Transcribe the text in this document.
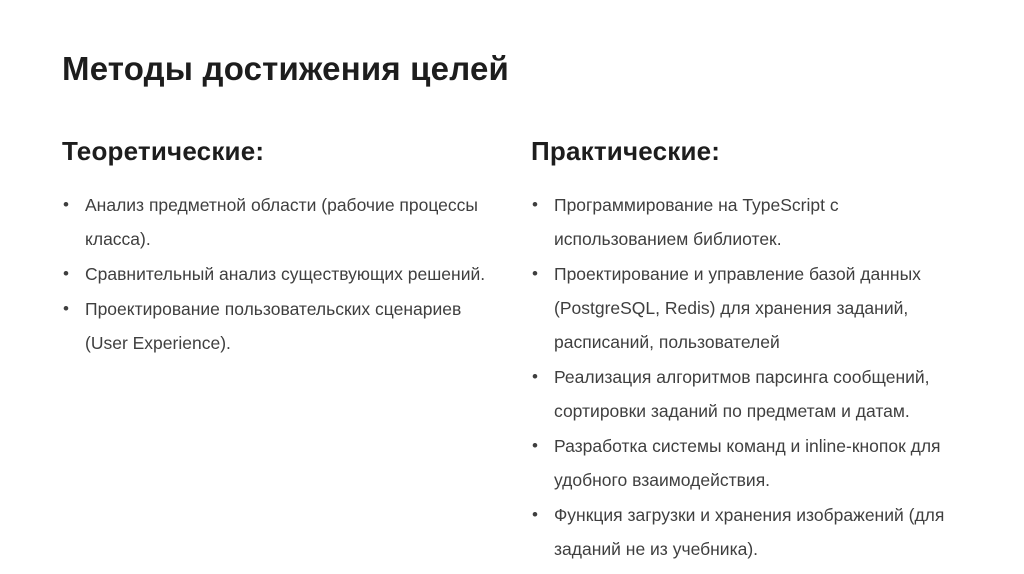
Методы достижения целей
Теоретические:
• Анализ предметной области (рабочие процессы класса).
• Сравнительный анализ существующих решений.
• Проектирование пользовательских сценариев (User Experience).
Практические:
• Программирование на TypeScript с использованием библиотек.
• Проектирование и управление базой данных (PostgreSQL, Redis) для хранения заданий, расписаний, пользователей
• Реализация алгоритмов парсинга сообщений, сортировки заданий по предметам и датам.
• Разработка системы команд и inline-кнопок для удобного взаимодействия.
• Функция загрузки и хранения изображений (для заданий не из учебника).
